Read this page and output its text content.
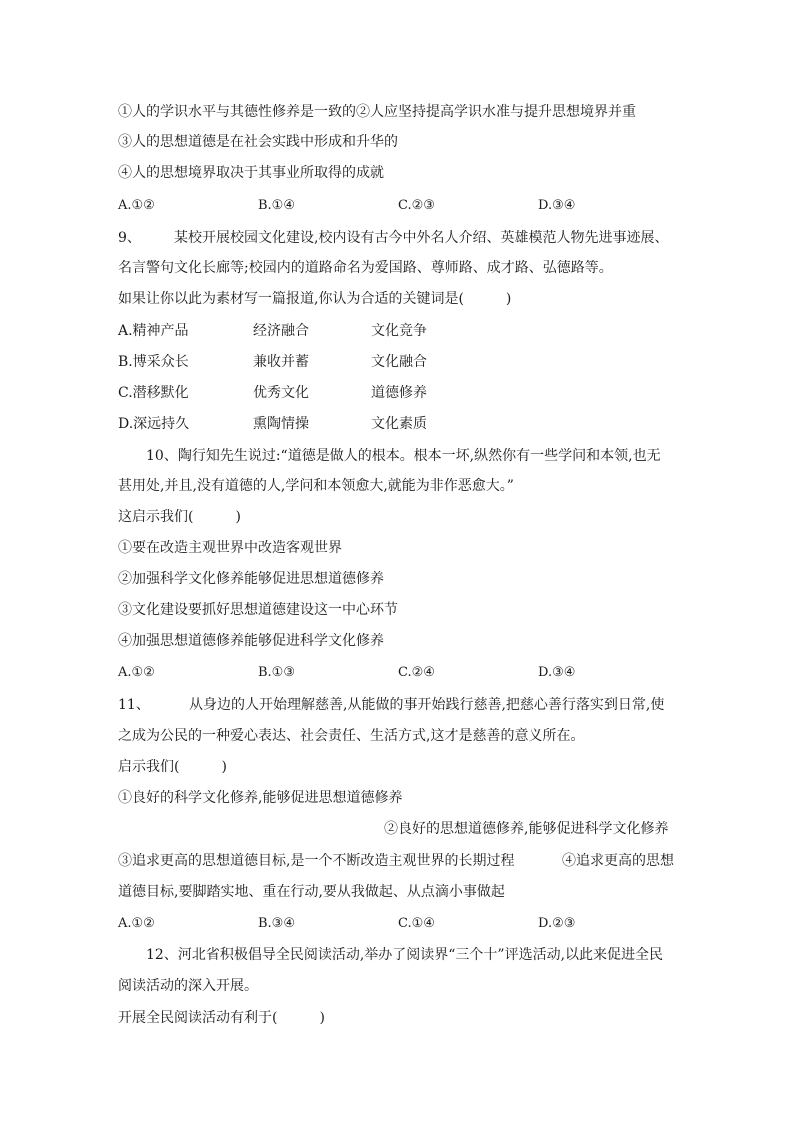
①人的学识水平与其德性修养是一致的②人应坚持提高学识水准与提升思想境界并重
③人的思想道德是在社会实践中形成和升华的
④人的思想境界取决于其事业所取得的成就
A.①②	B.①④	C.②③	D.③④
9、 某校开展校园文化建设,校内设有古今中外名人介绍、英雄模范人物先进事迹展、
名言警句文化长廊等;校园内的道路命名为爱国路、尊师路、成才路、弘德路等。
如果让你以此为素材写一篇报道,你认为合适的关键词是(　　　)
A.精神产品	经济融合	文化竞争
B.博采众长	兼收并蓄	文化融合
C.潜移默化	优秀文化	道德修养
D.深远持久	熏陶情操	文化素质
10、陶行知先生说过:“道德是做人的根本。根本一坏,纵然你有一些学问和本领,也无
甚用处,并且,没有道德的人,学问和本领愈大,就能为非作恶愈大。”
这启示我们(　　　)
①要在改造主观世界中改造客观世界
②加强科学文化修养能够促进思想道德修养
③文化建设要抓好思想道德建设这一中心环节
④加强思想道德修养能够促进科学文化修养
A.①②	B.①③	C.②④	D.③④
11、	从身边的人开始理解慈善,从能做的事开始践行慈善,把慈心善行落实到日常,使
之成为公民的一种爱心表达、社会责任、生活方式,这才是慈善的意义所在。
启示我们(　　　)
①良好的科学文化修养,能够促进思想道德修养
②良好的思想道德修养,能够促进科学文化修养
③追求更高的思想道德目标,是一个不断改造主观世界的长期过程	④追求更高的思想
道德目标,要脚踏实地、重在行动,要从我做起、从点滴小事做起
A.①②	B.③④	C.①④	D.②③
12、河北省积极倡导全民阅读活动,举办了阅读界“三个十”评选活动,以此来促进全民
阅读活动的深入开展。
开展全民阅读活动有利于(　　　)
